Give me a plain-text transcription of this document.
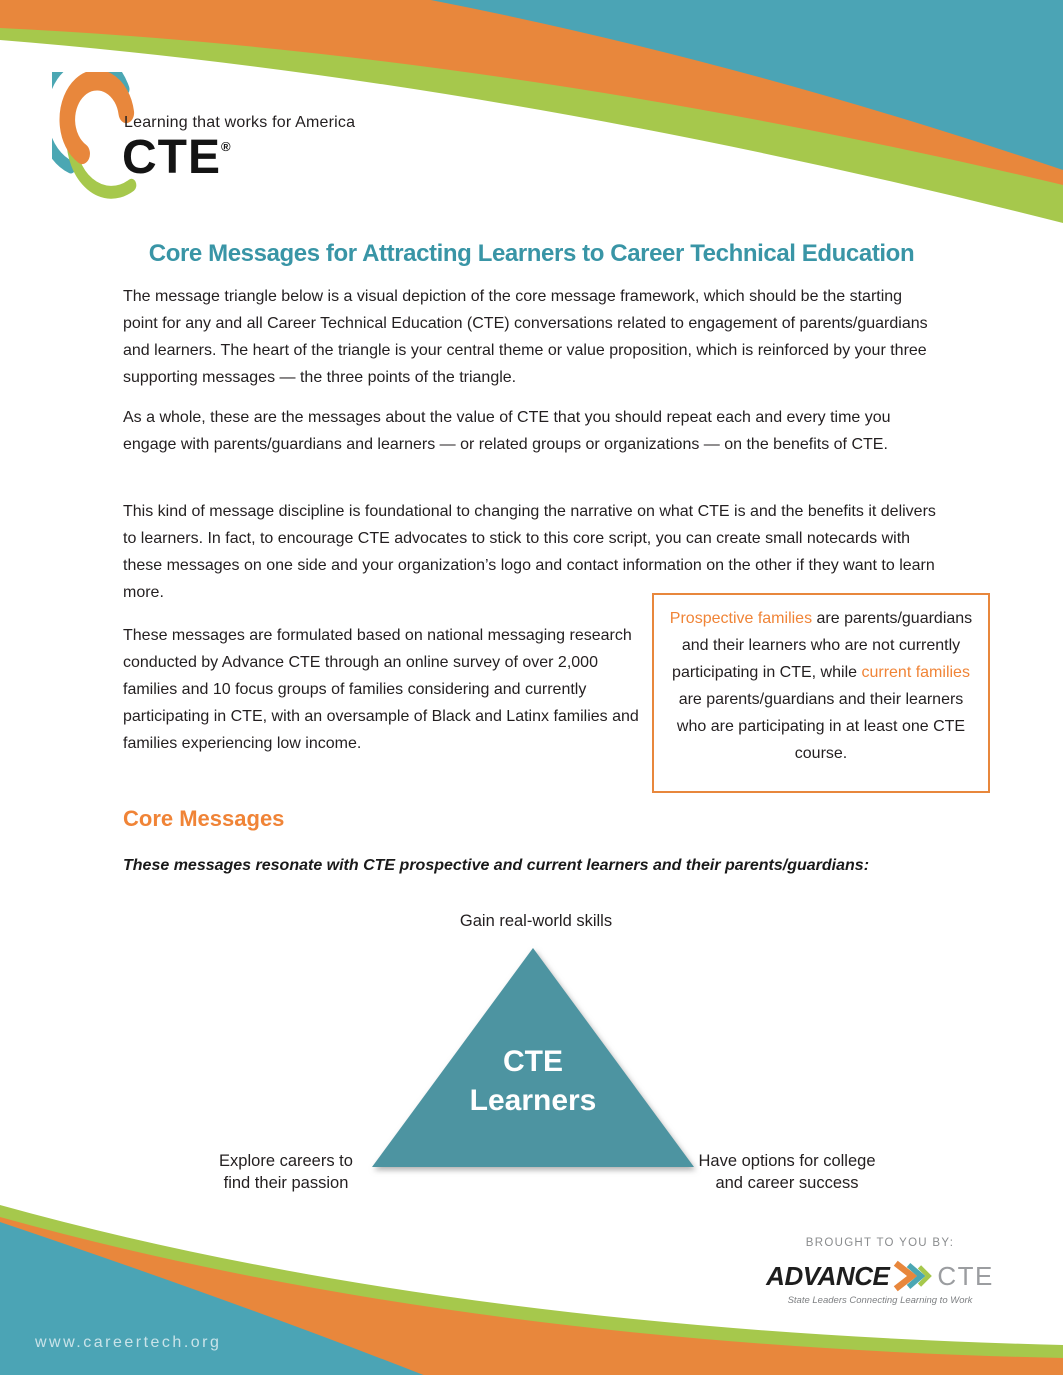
Learning that works for America
CTE®
Core Messages for Attracting Learners to Career Technical Education

The message triangle below is a visual depiction of the core message framework, which should be the starting point for any and all Career Technical Education (CTE) conversations related to engagement of parents/guardians and learners. The heart of the triangle is your central theme or value proposition, which is reinforced by your three supporting messages — the three points of the triangle.

As a whole, these are the messages about the value of CTE that you should repeat each and every time you engage with parents/guardians and learners — or related groups or organizations — on the benefits of CTE.

This kind of message discipline is foundational to changing the narrative on what CTE is and the benefits it delivers to learners. In fact, to encourage CTE advocates to stick to this core script, you can create small notecards with these messages on one side and your organization’s logo and contact information on the other if they want to learn more.

These messages are formulated based on national messaging research conducted by Advance CTE through an online survey of over 2,000 families and 10 focus groups of families considering and currently participating in CTE, with an oversample of Black and Latinx families and families experiencing low income.

Prospective families are parents/guardians and their learners who are not currently participating in CTE, while current families are parents/guardians and their learners who are participating in at least one CTE course.
Core Messages

These messages resonate with CTE prospective and current learners and their parents/guardians:

Gain real-world skills
CTE
Learners
Explore careers to find their passion
Have options for college and career success
BROUGHT TO YOU BY:
ADVANCE CTE
State Leaders Connecting Learning to Work
www.careertech.org
